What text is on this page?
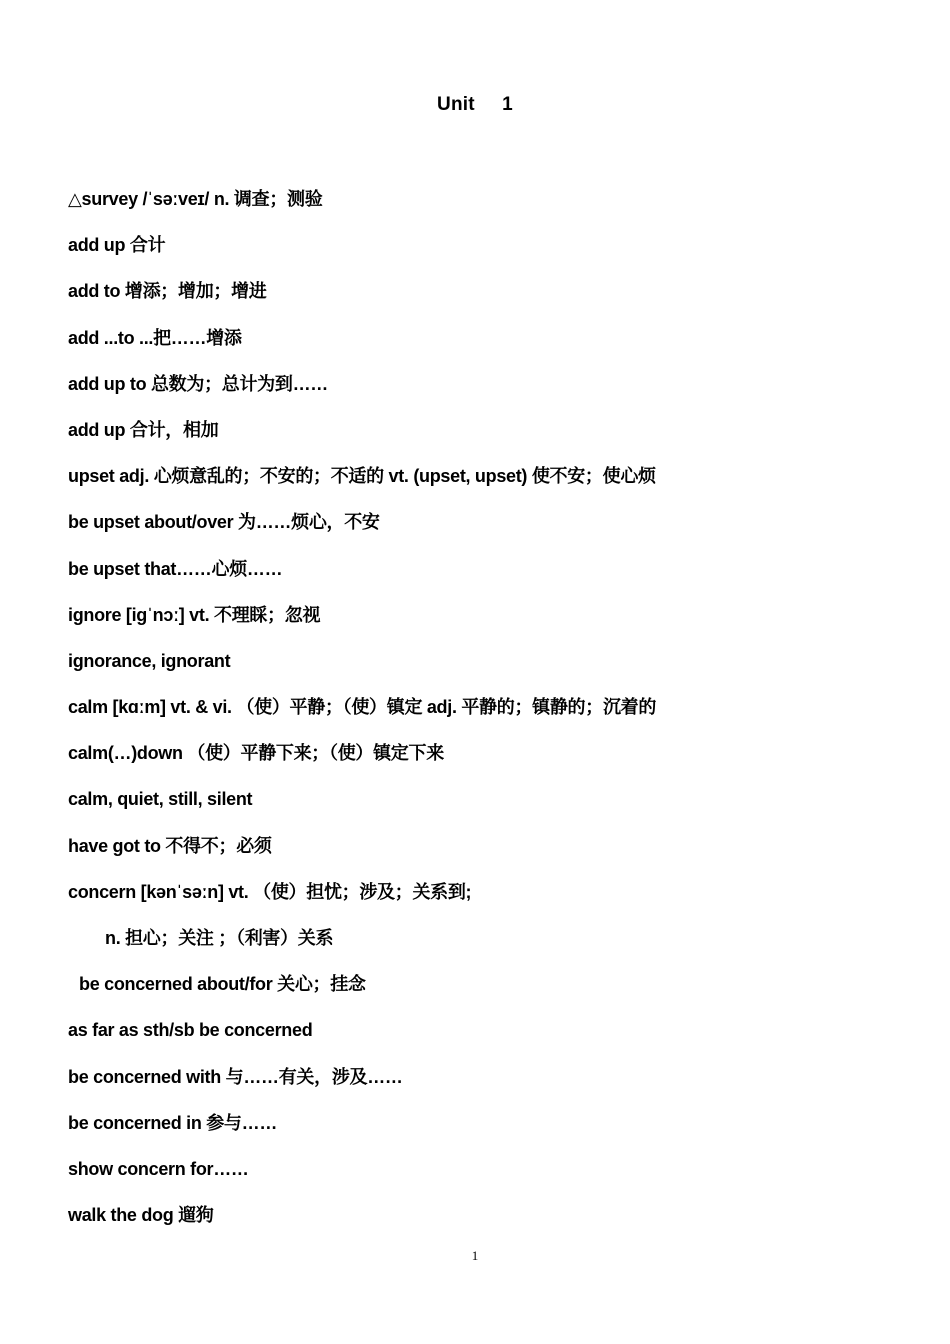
Unit     1
△survey /ˈsəːveɪ/ n. 调查；测验
add up 合计
add to 增添；增加；增进
add ...to ...把……增添
add up to 总数为；总计为到……
add up 合计，相加
upset adj. 心烦意乱的；不安的；不适的 vt. (upset, upset) 使不安；使心烦
be upset about/over 为……烦心，不安
be upset that……心烦……
ignore [igˈnɔː] vt. 不理睬；忽视
ignorance, ignorant
calm [kɑːm] vt. & vi. （使）平静；（使）镇定 adj. 平静的；镇静的；沉着的
calm(…)down （使）平静下来；（使）镇定下来
calm, quiet, still, silent
have got to 不得不；必须
concern [kənˈsəːn] vt. （使）担忧；涉及；关系到;
n. 担心；关注 ；（利害）关系
be concerned about/for 关心；挂念
as far as sth/sb be concerned
be concerned with 与……有关，涉及……
be concerned in 参与……
show concern for……
walk the dog 遛狗
1
